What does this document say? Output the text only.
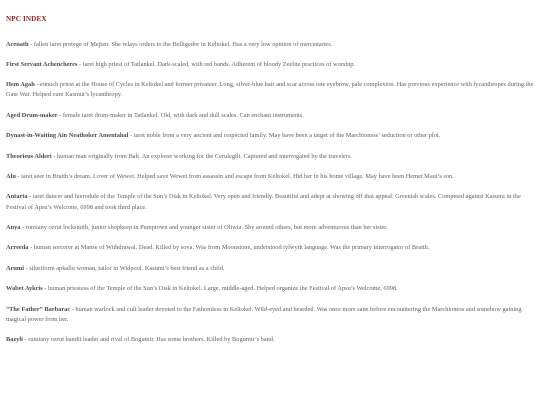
NPC INDEX
Acenath - fallen iaret protege of Mejten. She relays orders to the Belligedor in Keltokel. Has a very low opinion of mercenaries.
First Servant Achencheres - iaret high priest of Tatlankel. Dark-scaled, with red bands. Adherent of bloody Zeelite practices of worship.
Hem Agah - eunuch priest at the House of Cycles in Keltokel and former privateer. Long, silver-blue hair and scar across one eyebrow, pale complexion. Has previous experience with lycanthropes during the Gate War. Helped cure Kasmut’s lycanthropy.
Aged Drum-maker - female iaret drum-maker in Tatlankel. Old, with dark and dull scales. Can enchant instruments.
Dynast-in-Waiting Ain Neathoker Amentahal - iaret noble from a very ancient and respected family. May have been a target of the Marchioness’ seduction or other plot.
Theorieus Alderi - human man originally from Balt. An explorer working for the Cerulegilt. Captured and interrogated by the travelers.
Alu - iaret seer in Braith’s dream. Lover of Wewet. Helped save Wewet from assassin and escape from Keltokel. Hid her in his home village. May have been Hemet Maut’s son.
Antarta - iaret dancer and hierodule of the Temple of the Sun’s Disk in Keltokel. Very open and friendly. Beautiful and adept at showing off that appeal. Greenish scales. Competed against Kasumi in the Festival of Apsu’s Welcome, 6998 and took third place.
Anya - rumiany ozrut locksmith, junior shopkeep in Pumptown and younger sister of Oliwia. Shy around others, but more adventurous than her sister.
Arreeda - human sorcerer at Manse of Withdrawal. Dead. Killed by sova. Was from Moonstone, understood tylwyth language. Was the primary interrogator of Braith.
Arumi - siluriform apkallu woman, tailor in Widpool. Kasumi’s best friend as a child.
Wabet Aykris - human priestess of the Temple of the Sun’s Disk in Keltokel. Large, middle-aged. Helped organize the Festival of Apsu’s Welcome, 6998.
“The Father” Barbarac - human warlock and cult leader devoted to the Fathomless in Keltokel. Wild-eyed and bearded. Was once more sane before encountering the Marchioness and somehow gaining magical power from her.
Bazyli - rumiany ozrut bandit leader and rival of Bogumir. Has some brothers. Killed by Bogumir’s band.
